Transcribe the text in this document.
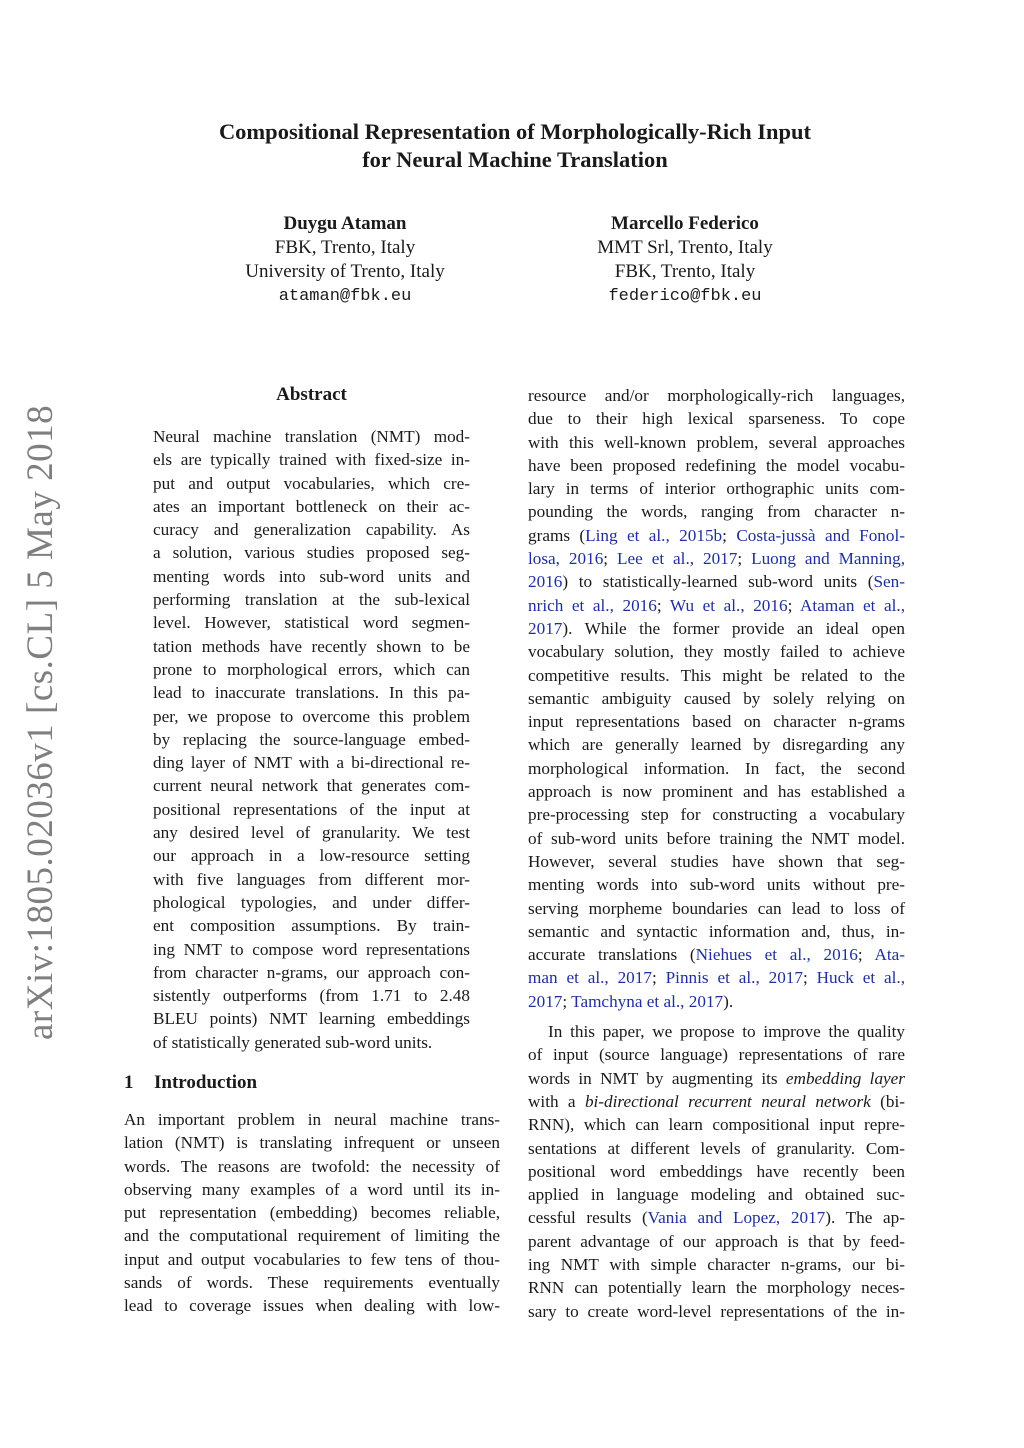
Compositional Representation of Morphologically-Rich Input
for Neural Machine Translation
Duygu Ataman
FBK, Trento, Italy
University of Trento, Italy
ataman@fbk.eu
Marcello Federico
MMT Srl, Trento, Italy
FBK, Trento, Italy
federico@fbk.eu
arXiv:1805.02036v1 [cs.CL] 5 May 2018
Abstract
Neural machine translation (NMT) mod-
els are typically trained with fixed-size in-
put and output vocabularies, which cre-
ates an important bottleneck on their ac-
curacy and generalization capability. As
a solution, various studies proposed seg-
menting words into sub-word units and
performing translation at the sub-lexical
level. However, statistical word segmen-
tation methods have recently shown to be
prone to morphological errors, which can
lead to inaccurate translations. In this pa-
per, we propose to overcome this problem
by replacing the source-language embed-
ding layer of NMT with a bi-directional re-
current neural network that generates com-
positional representations of the input at
any desired level of granularity. We test
our approach in a low-resource setting
with five languages from different mor-
phological typologies, and under differ-
ent composition assumptions. By train-
ing NMT to compose word representations
from character n-grams, our approach con-
sistently outperforms (from 1.71 to 2.48
BLEU points) NMT learning embeddings
of statistically generated sub-word units.
1 Introduction
An important problem in neural machine trans-
lation (NMT) is translating infrequent or unseen
words. The reasons are twofold: the necessity of
observing many examples of a word until its in-
put representation (embedding) becomes reliable,
and the computational requirement of limiting the
input and output vocabularies to few tens of thou-
sands of words. These requirements eventually
lead to coverage issues when dealing with low-
resource and/or morphologically-rich languages,
due to their high lexical sparseness. To cope
with this well-known problem, several approaches
have been proposed redefining the model vocabu-
lary in terms of interior orthographic units com-
pounding the words, ranging from character n-
grams (Ling et al., 2015b; Costa-jussà and Fonol-
losa, 2016; Lee et al., 2017; Luong and Manning,
2016) to statistically-learned sub-word units (Sen-
nrich et al., 2016; Wu et al., 2016; Ataman et al.,
2017). While the former provide an ideal open
vocabulary solution, they mostly failed to achieve
competitive results. This might be related to the
semantic ambiguity caused by solely relying on
input representations based on character n-grams
which are generally learned by disregarding any
morphological information. In fact, the second
approach is now prominent and has established a
pre-processing step for constructing a vocabulary
of sub-word units before training the NMT model.
However, several studies have shown that seg-
menting words into sub-word units without pre-
serving morpheme boundaries can lead to loss of
semantic and syntactic information and, thus, in-
accurate translations (Niehues et al., 2016; Ata-
man et al., 2017; Pinnis et al., 2017; Huck et al.,
2017; Tamchyna et al., 2017).
In this paper, we propose to improve the quality
of input (source language) representations of rare
words in NMT by augmenting its embedding layer
with a bi-directional recurrent neural network (bi-
RNN), which can learn compositional input repre-
sentations at different levels of granularity. Com-
positional word embeddings have recently been
applied in language modeling and obtained suc-
cessful results (Vania and Lopez, 2017). The ap-
parent advantage of our approach is that by feed-
ing NMT with simple character n-grams, our bi-
RNN can potentially learn the morphology neces-
sary to create word-level representations of the in-
